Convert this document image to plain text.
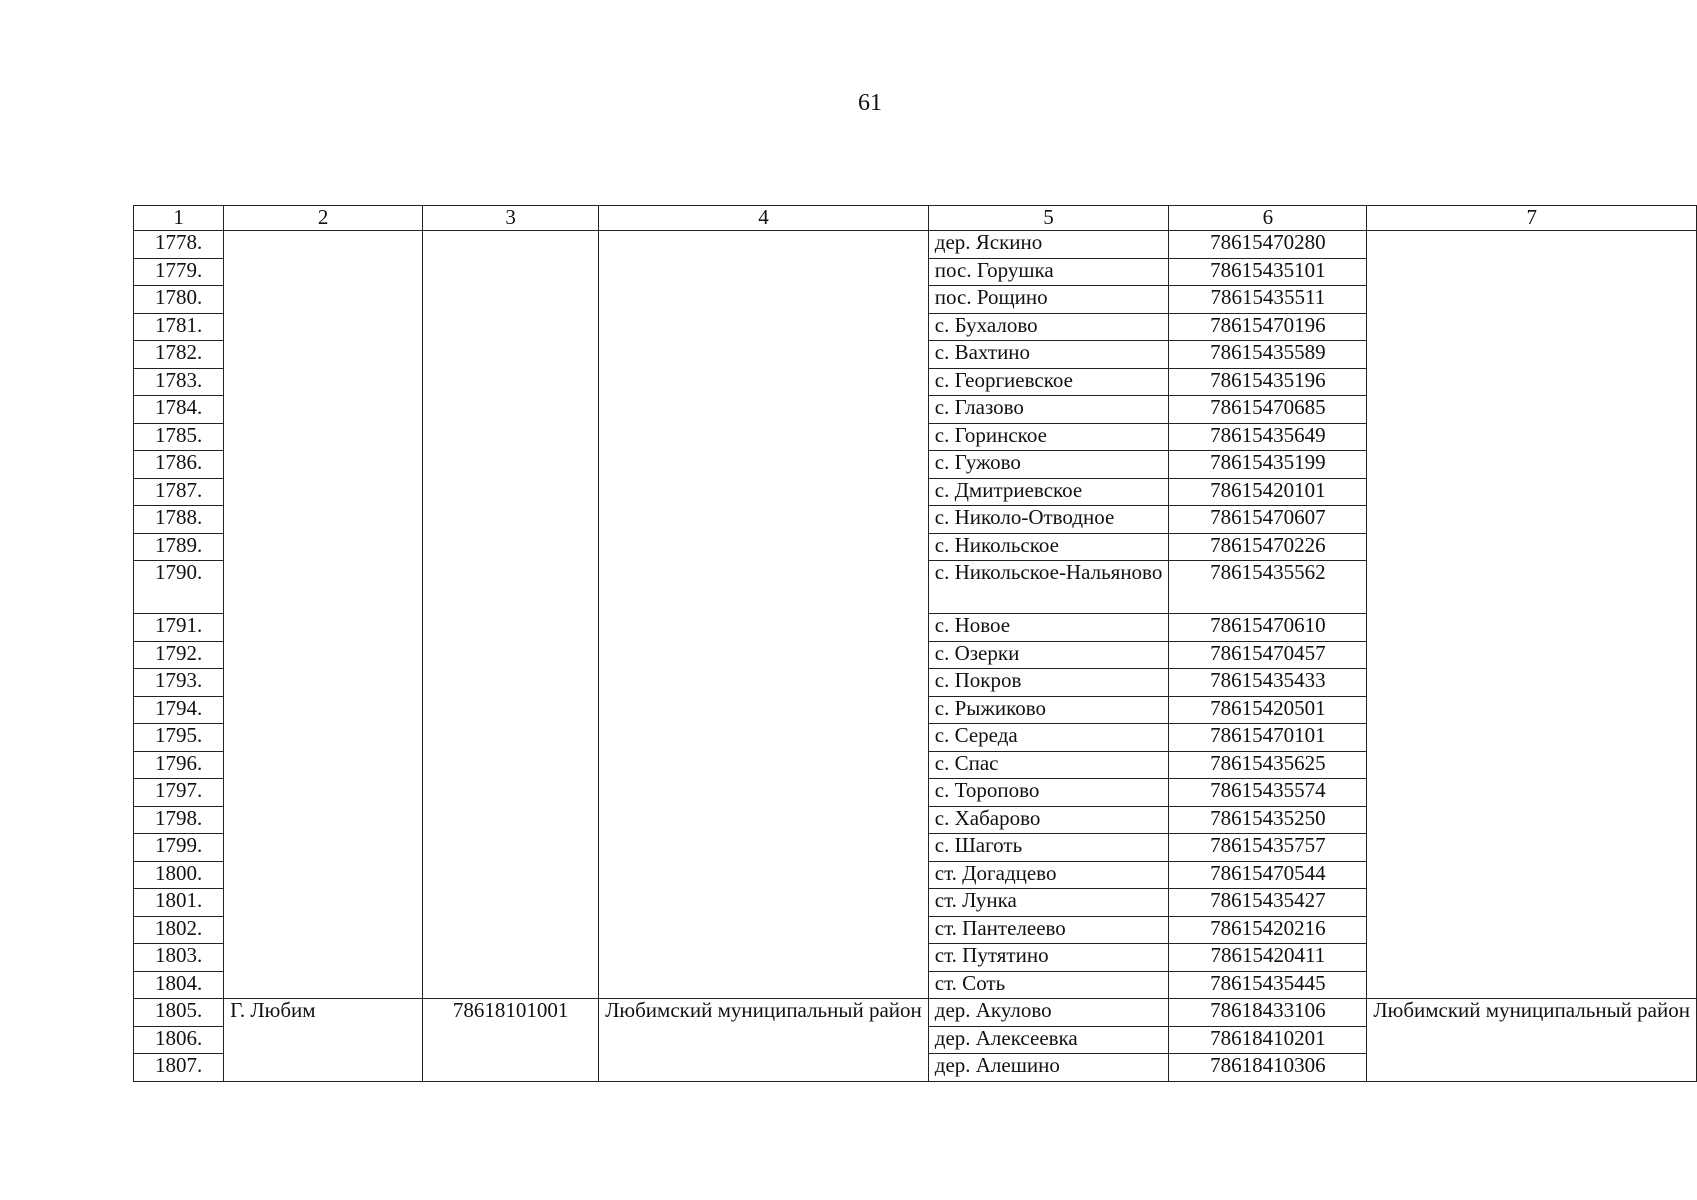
61
1	2	3	4	5	6	7
1778.				дер. Яскино	78615470280	
1779.				пос. Горушка	78615435101	
1780.				пос. Рощино	78615435511	
1781.				с. Бухалово	78615470196	
1782.				с. Вахтино	78615435589	
1783.				с. Георгиевское	78615435196	
1784.				с. Глазово	78615470685	
1785.				с. Горинское	78615435649	
1786.				с. Гужово	78615435199	
1787.				с. Дмитриевское	78615420101	
1788.				с. Николо-Отводное	78615470607	
1789.				с. Никольское	78615470226	
1790.				с. Никольское-Нальяново	78615435562	
1791.				с. Новое	78615470610	
1792.				с. Озерки	78615470457	
1793.				с. Покров	78615435433	
1794.				с. Рыжиково	78615420501	
1795.				с. Середа	78615470101	
1796.				с. Спас	78615435625	
1797.				с. Торопово	78615435574	
1798.				с. Хабарово	78615435250	
1799.				с. Шаготь	78615435757	
1800.				ст. Догадцево	78615470544	
1801.				ст. Лунка	78615435427	
1802.				ст. Пантелеево	78615420216	
1803.				ст. Путятино	78615420411	
1804.				ст. Соть	78615435445	
1805.	Г. Любим	78618101001	Любимский муниципальный район	дер. Акулово	78618433106	Любимский муниципальный район
1806.				дер. Алексеевка	78618410201	
1807.				дер. Алешино	78618410306	
